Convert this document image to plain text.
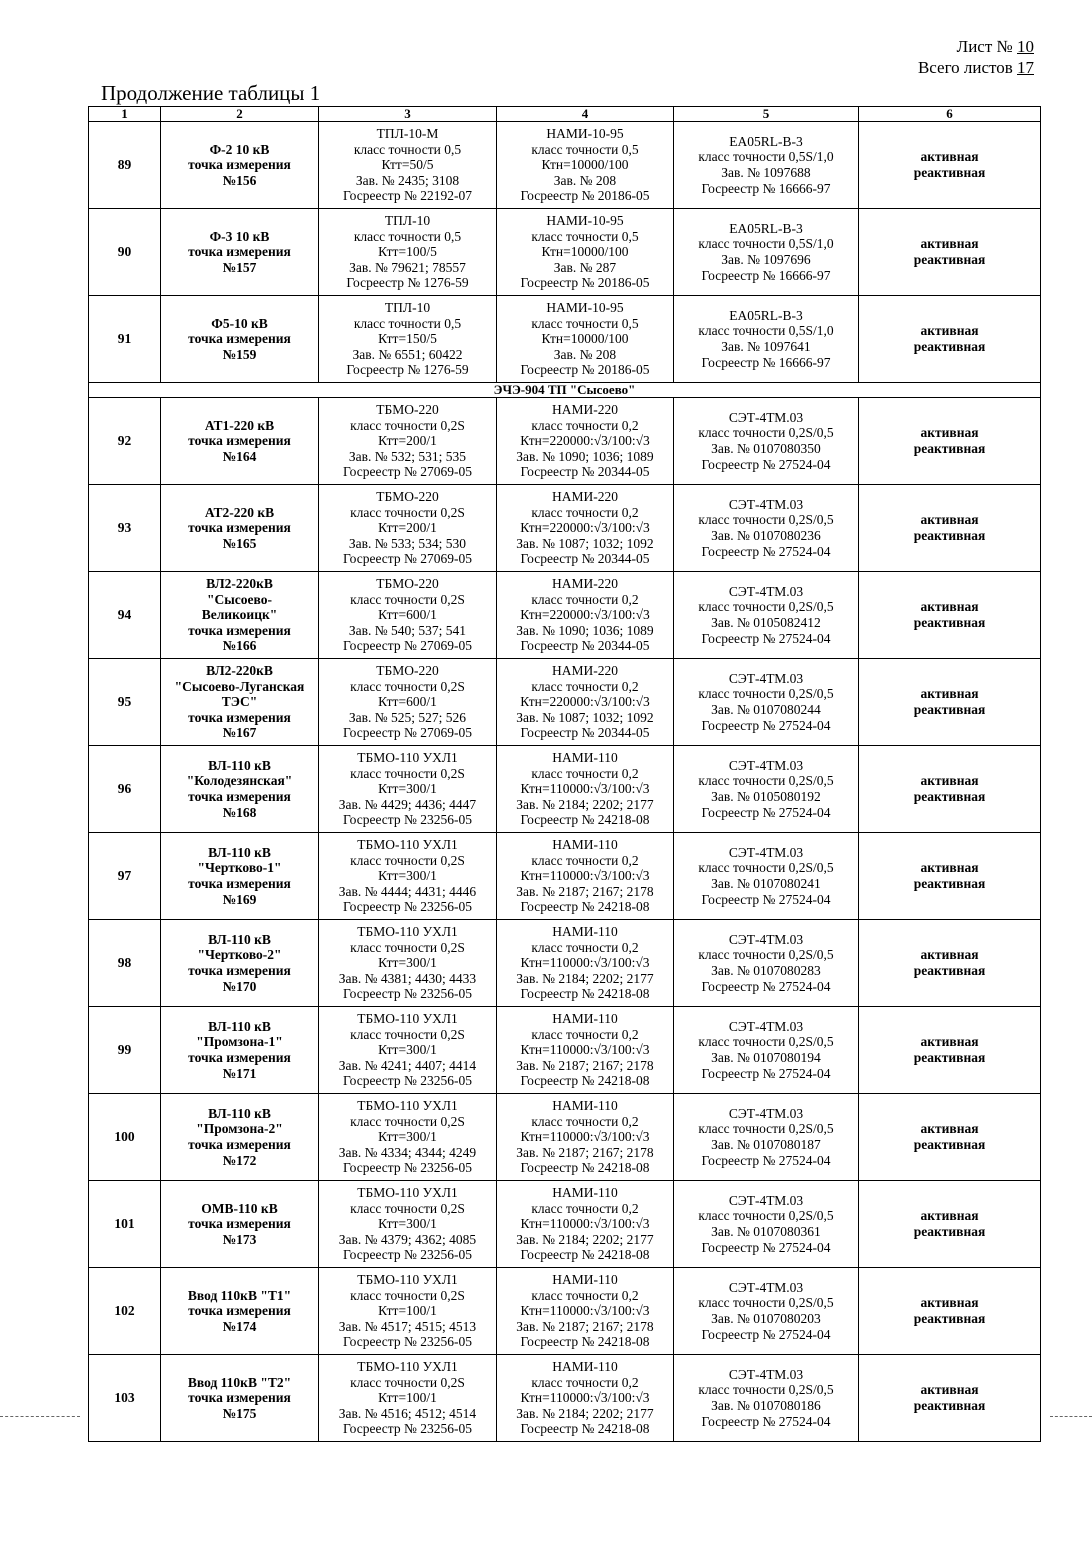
Лист № 10
Всего листов 17
Продолжение таблицы 1
1	2	3	4	5	6
89	Ф-2 10 кВ
точка измерения
№156	ТПЛ-10-М
класс точности 0,5
Ктт=50/5
Зав. № 2435; 3108
Госреестр № 22192-07	НАМИ-10-95
класс точности 0,5
Ктн=10000/100
Зав. № 208
Госреестр № 20186-05	ЕА05RL-B-3
класс точности 0,5S/1,0
Зав. № 1097688
Госреестр № 16666-97	активная
реактивная

90	Ф-3 10 кВ
точка измерения
№157	ТПЛ-10
класс точности 0,5
Ктт=100/5
Зав. № 79621; 78557
Госреестр № 1276-59	НАМИ-10-95
класс точности 0,5
Ктн=10000/100
Зав. № 287
Госреестр № 20186-05	ЕА05RL-B-3
класс точности 0,5S/1,0
Зав. № 1097696
Госреестр № 16666-97	активная
реактивная

91	Ф5-10 кВ
точка измерения
№159	ТПЛ-10
класс точности 0,5
Ктт=150/5
Зав. № 6551; 60422
Госреестр № 1276-59	НАМИ-10-95
класс точности 0,5
Ктн=10000/100
Зав. № 208
Госреестр № 20186-05	ЕА05RL-B-3
класс точности 0,5S/1,0
Зав. № 1097641
Госреестр № 16666-97	активная
реактивная

ЭЧЭ-904 ТП "Сысоево"					
92	АТ1-220 кВ
точка измерения
№164	ТБМО-220
класс точности 0,2S
Ктт=200/1
Зав. № 532; 531; 535
Госреестр № 27069-05	НАМИ-220
класс точности 0,2
Ктн=220000:√3/100:√3
Зав. № 1090; 1036; 1089
Госреестр № 20344-05	СЭТ-4ТМ.03
класс точности 0,2S/0,5
Зав. № 0107080350
Госреестр № 27524-04	активная
реактивная

93	АТ2-220 кВ
точка измерения
№165	ТБМО-220
класс точности 0,2S
Ктт=200/1
Зав. № 533; 534; 530
Госреестр № 27069-05	НАМИ-220
класс точности 0,2
Ктн=220000:√3/100:√3
Зав. № 1087; 1032; 1092
Госреестр № 20344-05	СЭТ-4ТМ.03
класс точности 0,2S/0,5
Зав. № 0107080236
Госреестр № 27524-04	активная
реактивная

94	ВЛ2-220кВ
"Сысоево-
Великоицк"
точка измерения
№166	ТБМО-220
класс точности 0,2S
Ктт=600/1
Зав. № 540; 537; 541
Госреестр № 27069-05	НАМИ-220
класс точности 0,2
Ктн=220000:√3/100:√3
Зав. № 1090; 1036; 1089
Госреестр № 20344-05	СЭТ-4ТМ.03
класс точности 0,2S/0,5
Зав. № 0105082412
Госреестр № 27524-04	активная
реактивная

95	ВЛ2-220кВ
"Сысоево-Луганская
ТЭС"
точка измерения
№167	ТБМО-220
класс точности 0,2S
Ктт=600/1
Зав. № 525; 527; 526
Госреестр № 27069-05	НАМИ-220
класс точности 0,2
Ктн=220000:√3/100:√3
Зав. № 1087; 1032; 1092
Госреестр № 20344-05	СЭТ-4ТМ.03
класс точности 0,2S/0,5
Зав. № 0107080244
Госреестр № 27524-04	активная
реактивная

96	ВЛ-110 кВ
"Колодезянская"
точка измерения
№168	ТБМО-110 УХЛ1
класс точности 0,2S
Ктт=300/1
Зав. № 4429; 4436; 4447
Госреестр № 23256-05	НАМИ-110
класс точности 0,2
Ктн=110000:√3/100:√3
Зав. № 2184; 2202; 2177
Госреестр № 24218-08	СЭТ-4ТМ.03
класс точности 0,2S/0,5
Зав. № 0105080192
Госреестр № 27524-04	активная
реактивная

97	ВЛ-110 кВ
"Чертково-1"
точка измерения
№169	ТБМО-110 УХЛ1
класс точности 0,2S
Ктт=300/1
Зав. № 4444; 4431; 4446
Госреестр № 23256-05	НАМИ-110
класс точности 0,2
Ктн=110000:√3/100:√3
Зав. № 2187; 2167; 2178
Госреестр № 24218-08	СЭТ-4ТМ.03
класс точности 0,2S/0,5
Зав. № 0107080241
Госреестр № 27524-04	активная
реактивная

98	ВЛ-110 кВ
"Чертково-2"
точка измерения
№170	ТБМО-110 УХЛ1
класс точности 0,2S
Ктт=300/1
Зав. № 4381; 4430; 4433
Госреестр № 23256-05	НАМИ-110
класс точности 0,2
Ктн=110000:√3/100:√3
Зав. № 2184; 2202; 2177
Госреестр № 24218-08	СЭТ-4ТМ.03
класс точности 0,2S/0,5
Зав. № 0107080283
Госреестр № 27524-04	активная
реактивная

99	ВЛ-110 кВ
"Промзона-1"
точка измерения
№171	ТБМО-110 УХЛ1
класс точности 0,2S
Ктт=300/1
Зав. № 4241; 4407; 4414
Госреестр № 23256-05	НАМИ-110
класс точности 0,2
Ктн=110000:√3/100:√3
Зав. № 2187; 2167; 2178
Госреестр № 24218-08	СЭТ-4ТМ.03
класс точности 0,2S/0,5
Зав. № 0107080194
Госреестр № 27524-04	активная
реактивная

100	ВЛ-110 кВ
"Промзона-2"
точка измерения
№172	ТБМО-110 УХЛ1
класс точности 0,2S
Ктт=300/1
Зав. № 4334; 4344; 4249
Госреестр № 23256-05	НАМИ-110
класс точности 0,2
Ктн=110000:√3/100:√3
Зав. № 2187; 2167; 2178
Госреестр № 24218-08	СЭТ-4ТМ.03
класс точности 0,2S/0,5
Зав. № 0107080187
Госреестр № 27524-04	активная
реактивная

101	ОМВ-110 кВ
точка измерения
№173	ТБМО-110 УХЛ1
класс точности 0,2S
Ктт=300/1
Зав. № 4379; 4362; 4085
Госреестр № 23256-05	НАМИ-110
класс точности 0,2
Ктн=110000:√3/100:√3
Зав. № 2184; 2202; 2177
Госреестр № 24218-08	СЭТ-4ТМ.03
класс точности 0,2S/0,5
Зав. № 0107080361
Госреестр № 27524-04	активная
реактивная

102	Ввод 110кВ "Т1"
точка измерения
№174	ТБМО-110 УХЛ1
класс точности 0,2S
Ктт=100/1
Зав. № 4517; 4515; 4513
Госреестр № 23256-05	НАМИ-110
класс точности 0,2
Ктн=110000:√3/100:√3
Зав. № 2187; 2167; 2178
Госреестр № 24218-08	СЭТ-4ТМ.03
класс точности 0,2S/0,5
Зав. № 0107080203
Госреестр № 27524-04	активная
реактивная

103	Ввод 110кВ "Т2"
точка измерения
№175	ТБМО-110 УХЛ1
класс точности 0,2S
Ктт=100/1
Зав. № 4516; 4512; 4514
Госреестр № 23256-05	НАМИ-110
класс точности 0,2
Ктн=110000:√3/100:√3
Зав. № 2184; 2202; 2177
Госреестр № 24218-08	СЭТ-4ТМ.03
класс точности 0,2S/0,5
Зав. № 0107080186
Госреестр № 27524-04	активная
реактивная
